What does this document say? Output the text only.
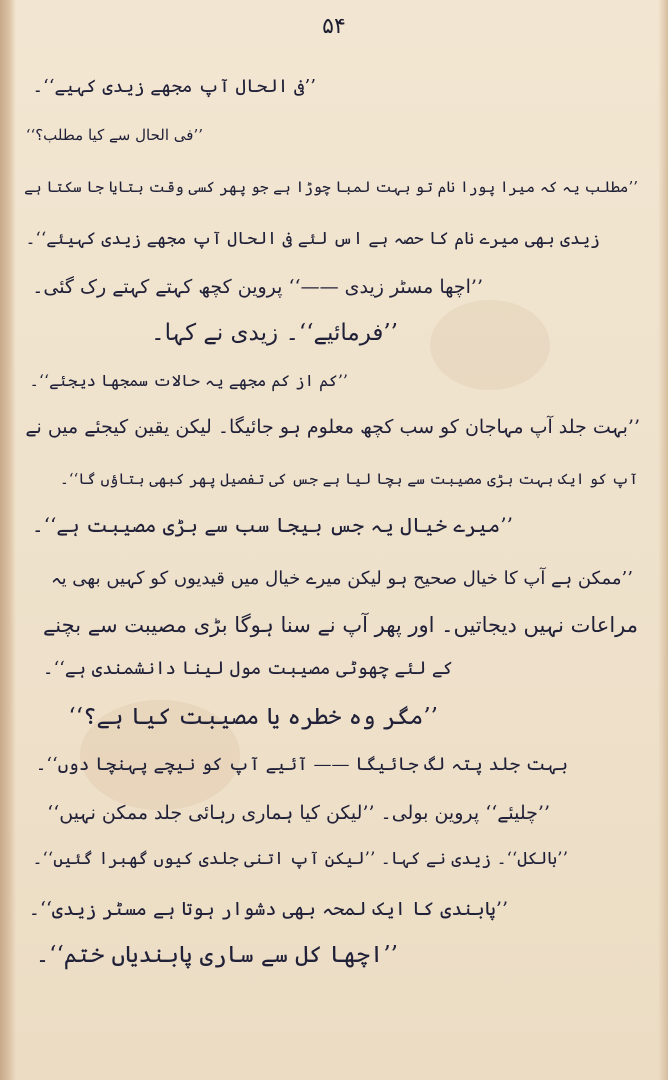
۵۴
’’فی الحال آپ مجھے زیدی کہیے‘‘۔
’’فی الحال سے کیا مطلب؟‘‘
’’مطلب یہ کہ میرا پورا نام تو بہت لمبا چوڑا ہے جو پھر کسی وقت بتایا جا سکتا ہے
زیدی بھی میرے نام کا حصہ ہے اس لئے فی الحال آپ مجھے زیدی کہیئے‘‘۔
’’اچھا مسٹر زیدی ——‘‘ پروین کچھ کہتے کہتے رک گئی۔
’’فرمائیے‘‘۔ زیدی نے کہا۔
’’کم از کم مجھے یہ حالات سمجھا دیجئے‘‘۔
’’بہت جلد آپ مہاجان کو سب کچھ معلوم ہو جائیگا۔ لیکن یقین کیجئے میں نے
آپ کو ایک بہت بڑی مصیبت سے بچا لیا ہے جس کی تفصیل پھر کبھی بتاؤں گا‘‘۔
’’میرے خیال یہ جس بیجا سب سے بڑی مصیبت ہے‘‘۔
’’ممکن ہے آپ کا خیال صحیح ہو لیکن میرے خیال میں قیدیوں کو کہیں بھی یہ
مراعات نہیں دیجاتیں۔ اور پھر آپ نے سنا ہوگا بڑی مصیبت سے بچنے
کے لئے چھوٹی مصیبت مول لینا دانشمندی ہے‘‘۔
’’مگر وہ خطرہ یا مصیبت کیا ہے؟‘‘
بہت جلد پتہ لگ جائیگا —— آئیے آپ کو نیچے پہنچا دوں‘‘۔
’’چلیئے‘‘ پروین بولی۔ ’’لیکن کیا ہماری رہائی جلد ممکن نہیں‘‘
’’بالکل‘‘۔ زیدی نے کہا۔ ’’لیکن آپ اتنی جلدی کیوں گھبرا گئیں‘‘۔
’’پابندی کا ایک لمحہ بھی دشوار ہوتا ہے مسٹر زیدی‘‘۔
’’اچھا کل سے ساری پابندیاں ختم‘‘۔
